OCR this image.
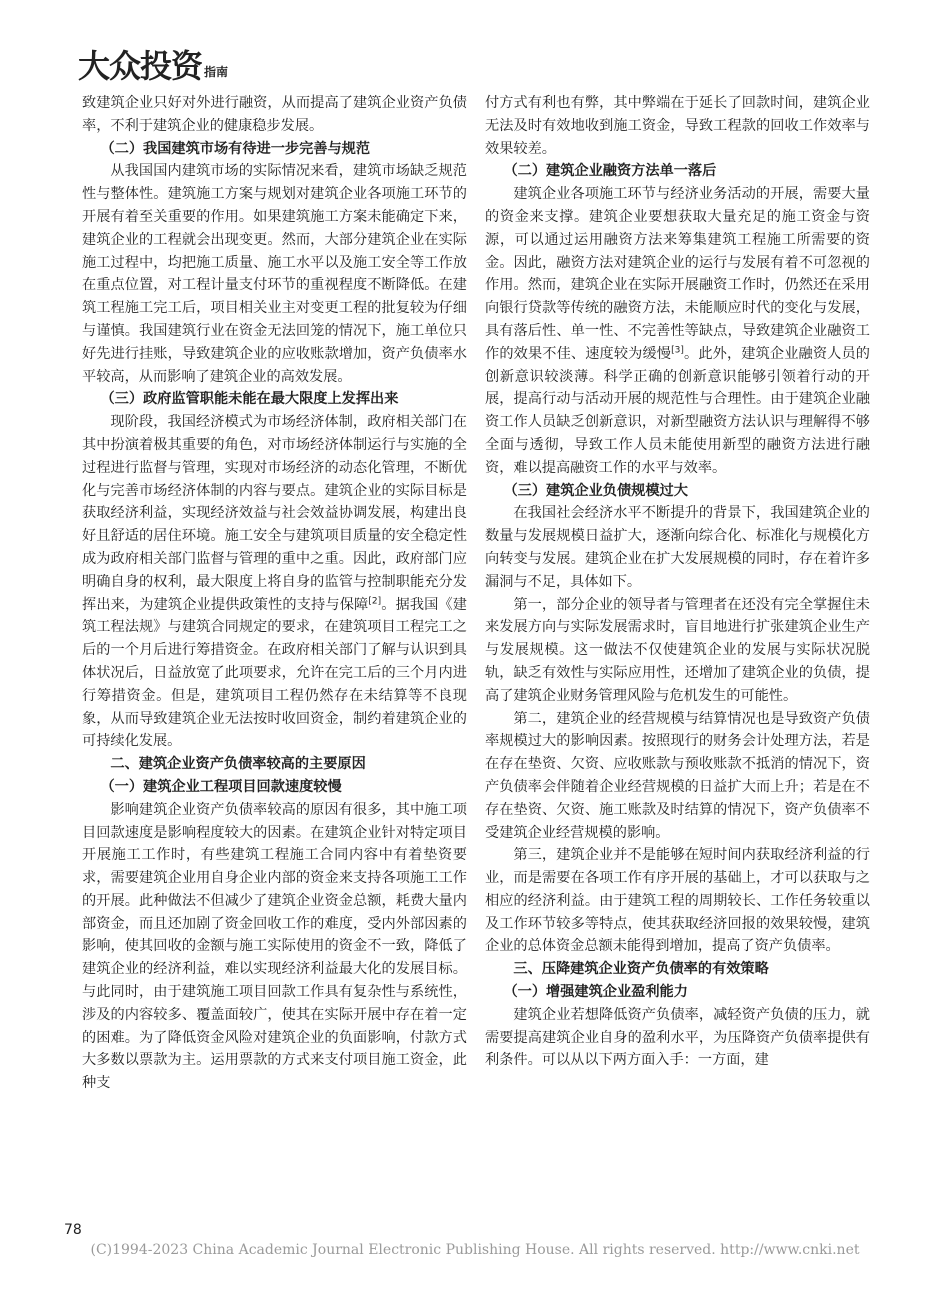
大众投资 指南

致建筑企业只好对外进行融资，从而提高了建筑企业资产负债率，不利于建筑企业的健康稳步发展。

（二）我国建筑市场有待进一步完善与规范

从我国国内建筑市场的实际情况来看，建筑市场缺乏规范性与整体性。建筑施工方案与规划对建筑企业各项施工环节的开展有着至关重要的作用。如果建筑施工方案未能确定下来，建筑企业的工程就会出现变更。然而，大部分建筑企业在实际施工过程中，均把施工质量、施工水平以及施工安全等工作放在重点位置，对工程计量支付环节的重视程度不断降低。在建筑工程施工完工后，项目相关业主对变更工程的批复较为仔细与谨慎。我国建筑行业在资金无法回笼的情况下，施工单位只好先进行挂账，导致建筑企业的应收账款增加，资产负债率水平较高，从而影响了建筑企业的高效发展。

（三）政府监管职能未能在最大限度上发挥出来

现阶段，我国经济模式为市场经济体制，政府相关部门在其中扮演着极其重要的角色，对市场经济体制运行与实施的全过程进行监督与管理，实现对市场经济的动态化管理，不断优化与完善市场经济体制的内容与要点。建筑企业的实际目标是获取经济利益，实现经济效益与社会效益协调发展，构建出良好且舒适的居住环境。施工安全与建筑项目质量的安全稳定性成为政府相关部门监督与管理的重中之重。因此，政府部门应明确自身的权利，最大限度上将自身的监管与控制职能充分发挥出来，为建筑企业提供政策性的支持与保障[2]。据我国《建筑工程法规》与建筑合同规定的要求，在建筑项目工程完工之后的一个月后进行筹措资金。在政府相关部门了解与认识到具体状况后，日益放宽了此项要求，允许在完工后的三个月内进行筹措资金。但是，建筑项目工程仍然存在未结算等不良现象，从而导致建筑企业无法按时收回资金，制约着建筑企业的可持续化发展。

二、建筑企业资产负债率较高的主要原因
（一）建筑企业工程项目回款速度较慢

影响建筑企业资产负债率较高的原因有很多，其中施工项目回款速度是影响程度较大的因素。在建筑企业针对特定项目开展施工工作时，有些建筑工程施工合同内容中有着垫资要求，需要建筑企业用自身企业内部的资金来支持各项施工工作的开展。此种做法不但减少了建筑企业资金总额，耗费大量内部资金，而且还加剧了资金回收工作的难度，受内外部因素的影响，使其回收的金额与施工实际使用的资金不一致，降低了建筑企业的经济利益，难以实现经济利益最大化的发展目标。与此同时，由于建筑施工项目回款工作具有复杂性与系统性，涉及的内容较多、覆盖面较广，使其在实际开展中存在着一定的困难。为了降低资金风险对建筑企业的负面影响，付款方式大多数以票款为主。运用票款的方式来支付项目施工资金，此种支

付方式有利也有弊，其中弊端在于延长了回款时间，建筑企业无法及时有效地收到施工资金，导致工程款的回收工作效率与效果较差。

（二）建筑企业融资方法单一落后

建筑企业各项施工环节与经济业务活动的开展，需要大量的资金来支撑。建筑企业要想获取大量充足的施工资金与资源，可以通过运用融资方法来筹集建筑工程施工所需要的资金。因此，融资方法对建筑企业的运行与发展有着不可忽视的作用。然而，建筑企业在实际开展融资工作时，仍然还在采用向银行贷款等传统的融资方法，未能顺应时代的变化与发展，具有落后性、单一性、不完善性等缺点，导致建筑企业融资工作的效果不佳、速度较为缓慢[3]。此外，建筑企业融资人员的创新意识较淡薄。科学正确的创新意识能够引领着行动的开展，提高行动与活动开展的规范性与合理性。由于建筑企业融资工作人员缺乏创新意识，对新型融资方法认识与理解得不够全面与透彻，导致工作人员未能使用新型的融资方法进行融资，难以提高融资工作的水平与效率。

（三）建筑企业负债规模过大

在我国社会经济水平不断提升的背景下，我国建筑企业的数量与发展规模日益扩大，逐渐向综合化、标准化与规模化方向转变与发展。建筑企业在扩大发展规模的同时，存在着许多漏洞与不足，具体如下。

第一，部分企业的领导者与管理者在还没有完全掌握住未来发展方向与实际发展需求时，盲目地进行扩张建筑企业生产与发展规模。这一做法不仅使建筑企业的发展与实际状况脱轨，缺乏有效性与实际应用性，还增加了建筑企业的负债，提高了建筑企业财务管理风险与危机发生的可能性。

第二，建筑企业的经营规模与结算情况也是导致资产负债率规模过大的影响因素。按照现行的财务会计处理方法，若是在存在垫资、欠资、应收账款与预收账款不抵消的情况下，资产负债率会伴随着企业经营规模的日益扩大而上升；若是在不存在垫资、欠资、施工账款及时结算的情况下，资产负债率不受建筑企业经营规模的影响。

第三，建筑企业并不是能够在短时间内获取经济利益的行业，而是需要在各项工作有序开展的基础上，才可以获取与之相应的经济利益。由于建筑工程的周期较长、工作任务较重以及工作环节较多等特点，使其获取经济回报的效果较慢，建筑企业的总体资金总额未能得到增加，提高了资产负债率。

三、压降建筑企业资产负债率的有效策略
（一）增强建筑企业盈利能力

建筑企业若想降低资产负债率，减轻资产负债的压力，就需要提高建筑企业自身的盈利水平，为压降资产负债率提供有利条件。可以从以下两方面入手：一方面，建

78
(C)1994-2023 China Academic Journal Electronic Publishing House. All rights reserved. http://www.cnki.net
